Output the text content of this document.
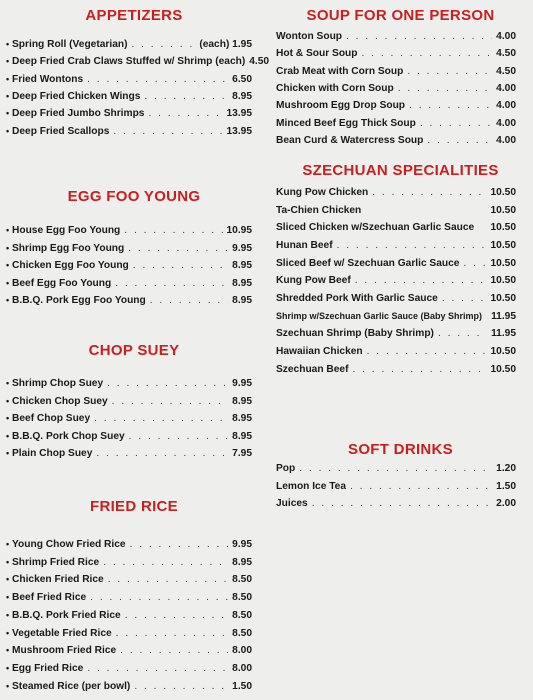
APPETIZERS
• Spring Roll (Vegetarian) . . .	(each) 1.95
• Deep Fried Crab Claws Stuffed w/ Shrimp (each) 4.50
• Fried Wontons . . .	6.50
• Deep Fried Chicken Wings . . .	8.95
• Deep Fried Jumbo Shrimps . . .	13.95
• Deep Fried Scallops . . .	13.95
EGG FOO YOUNG
• House Egg Foo Young . . .	10.95
• Shrimp Egg Foo Young . . .	9.95
• Chicken Egg Foo Young . . .	8.95
• Beef Egg Foo Young . . .	8.95
• B.B.Q. Pork Egg Foo Young . . .	8.95
CHOP SUEY
• Shrimp Chop Suey . . .	9.95
• Chicken Chop Suey . . .	8.95
• Beef Chop Suey . . .	8.95
• B.B.Q. Pork Chop Suey . . .	8.95
• Plain Chop Suey . . .	7.95
FRIED RICE
• Young Chow Fried Rice . . .	9.95
• Shrimp Fried Rice . . .	8.95
• Chicken Fried Rice . . .	8.50
• Beef Fried Rice . . .	8.50
• B.B.Q. Pork Fried Rice . . .	8.50
• Vegetable Fried Rice . . .	8.50
• Mushroom Fried Rice . . .	8.00
• Egg Fried Rice . . .	8.00
• Steamed Rice (per bowl) . . .	1.50
SOUP FOR ONE PERSON
Wonton Soup . . .	4.00
Hot & Sour Soup . . .	4.50
Crab Meat with Corn Soup . . .	4.50
Chicken with Corn Soup . . .	4.00
Mushroom Egg Drop Soup . . .	4.00
Minced Beef Egg Thick Soup . . .	4.00
Bean Curd & Watercress Soup . . .	4.00
SZECHUAN SPECIALITIES
Kung Pow Chicken . . .	10.50
Ta-Chien Chicken	10.50
Sliced Chicken w/Szechuan Garlic Sauce 10.50
Hunan Beef . . .	10.50
Sliced Beef w/ Szechuan Garlic Sauce . . .	10.50
Kung Pow Beef . . .	10.50
Shredded Pork With Garlic Sauce . . .	10.50
Shrimp w/Szechuan Garlic Sauce (Baby Shrimp) 11.95
Szechuan Shrimp (Baby Shrimp) . . .	11.95
Hawaiian Chicken . . .	10.50
Szechuan Beef . . .	10.50
SOFT DRINKS
Pop . . .	1.20
Lemon Ice Tea . . .	1.50
Juices . . .	2.00
